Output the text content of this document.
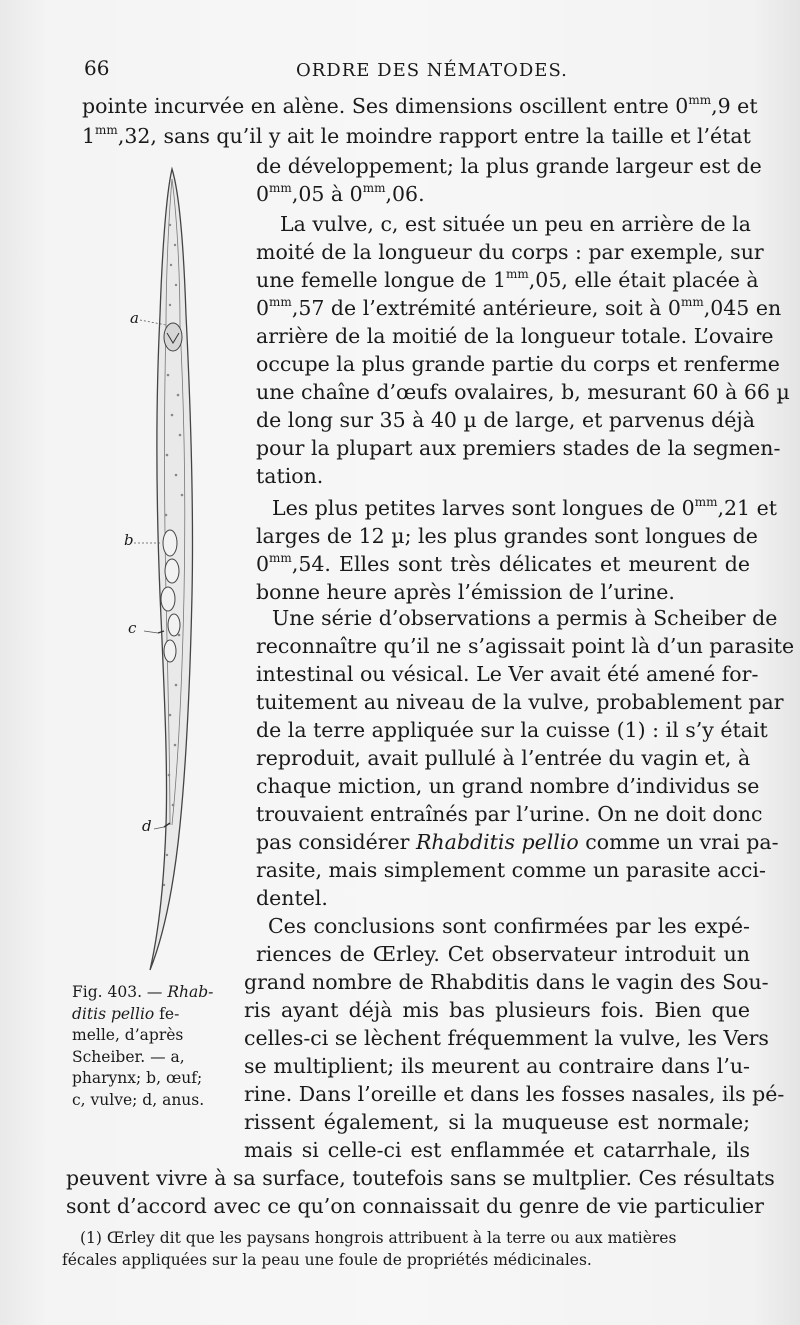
66	ORDRE DES NÉMATODES.
pointe incurvée en alène. Ses dimensions oscillent entre $0^{mm},9$ et
$1^{mm},32$, sans qu’il y ait le moindre rapport entre la taille et l’état
de développement; la plus grande largeur est de
$0^{mm},05$ à $0^{mm},06$.
La vulve, c, est située un peu en arrière de la
moité de la longueur du corps : par exemple, sur
une femelle longue de $1^{mm},05$, elle était placée à
$0^{mm},57$ de l’extrémité antérieure, soit à $0^{mm},045$ en
arrière de la moitié de la longueur totale. L’ovaire
occupe la plus grande partie du corps et renferme
une chaîne d’œufs ovalaires, b, mesurant 60 à 66 µ
de long sur 35 à 40 µ de large, et parvenus déjà
pour la plupart aux premiers stades de la segmen-
tation.
Les plus petites larves sont longues de $0^{mm},21$ et
larges de 12 µ; les plus grandes sont longues de
$0^{mm},54$. Elles sont très délicates et meurent de
bonne heure après l’émission de l’urine.
Une série d’observations a permis à Scheiber de
reconnaître qu’il ne s’agissait point là d’un parasite
intestinal ou vésical. Le Ver avait été amené for-
tuitement au niveau de la vulve, probablement par
de la terre appliquée sur la cuisse (1) : il s’y était
reproduit, avait pullulé à l’entrée du vagin et, à
chaque miction, un grand nombre d’individus se
trouvaient entraînés par l’urine. On ne doit donc
pas considérer Rhabditis pellio comme un vrai pa-
rasite, mais simplement comme un parasite acci-
dentel.
Ces conclusions sont confirmées par les expé-
riences de Œrley. Cet observateur introduit un
grand nombre de Rhabditis dans le vagin des Sou-
ris ayant déjà mis bas plusieurs fois. Bien que
celles-ci se lèchent fréquemment la vulve, les Vers
se multiplient; ils meurent au contraire dans l’u-
rine. Dans l’oreille et dans les fosses nasales, ils pé-
rissent également, si la muqueuse est normale;
mais si celle-ci est enflammée et catarrhale, ils
peuvent vivre à sa surface, toutefois sans se multplier. Ces résultats
sont d’accord avec ce qu’on connaissait du genre de vie particulier
a
b
c
d
Fig. 403. — Rhab-
ditis pellio fe-
melle, d’après
Scheiber. — a,
pharynx; b, œuf;
c, vulve; d, anus.
(1) Œrley dit que les paysans hongrois attribuent à la terre ou aux matières
fécales appliquées sur la peau une foule de propriétés médicinales.
